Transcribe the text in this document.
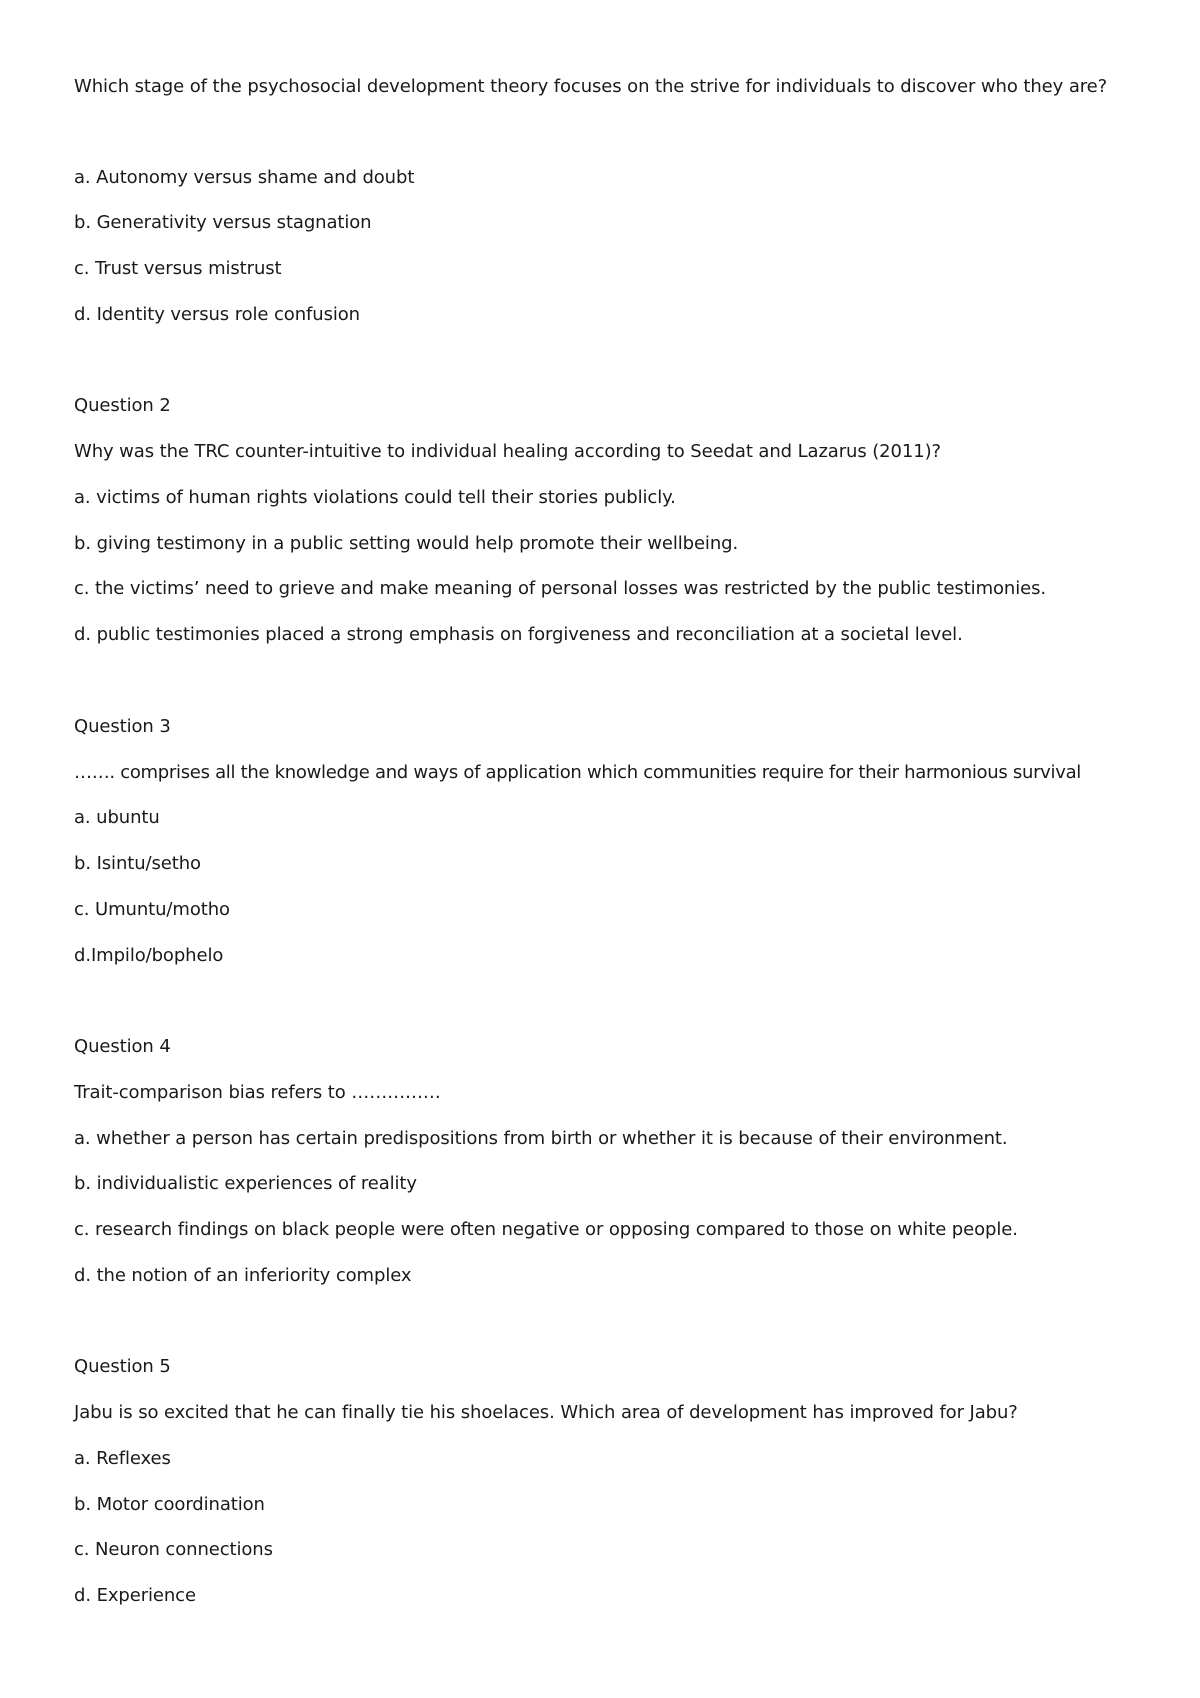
Which stage of the psychosocial development theory focuses on the strive for individuals to discover who they are?
a. Autonomy versus shame and doubt
b. Generativity versus stagnation
c. Trust versus mistrust
d. Identity versus role confusion
Question 2
Why was the TRC counter-intuitive to individual healing according to Seedat and Lazarus (2011)?
a. victims of human rights violations could tell their stories publicly.
b. giving testimony in a public setting would help promote their wellbeing.
c. the victims’ need to grieve and make meaning of personal losses was restricted by the public testimonies.
d. public testimonies placed a strong emphasis on forgiveness and reconciliation at a societal level.
Question 3
……. comprises all the knowledge and ways of application which communities require for their harmonious survival
a. ubuntu
b. Isintu/setho
c. Umuntu/motho
d.Impilo/bophelo
Question 4
Trait-comparison bias refers to ……………
a. whether a person has certain predispositions from birth or whether it is because of their environment.
b. individualistic experiences of reality
c. research findings on black people were often negative or opposing compared to those on white people.
d. the notion of an inferiority complex
Question 5
Jabu is so excited that he can finally tie his shoelaces. Which area of development has improved for Jabu?
a. Reflexes
b. Motor coordination
c. Neuron connections
d. Experience
